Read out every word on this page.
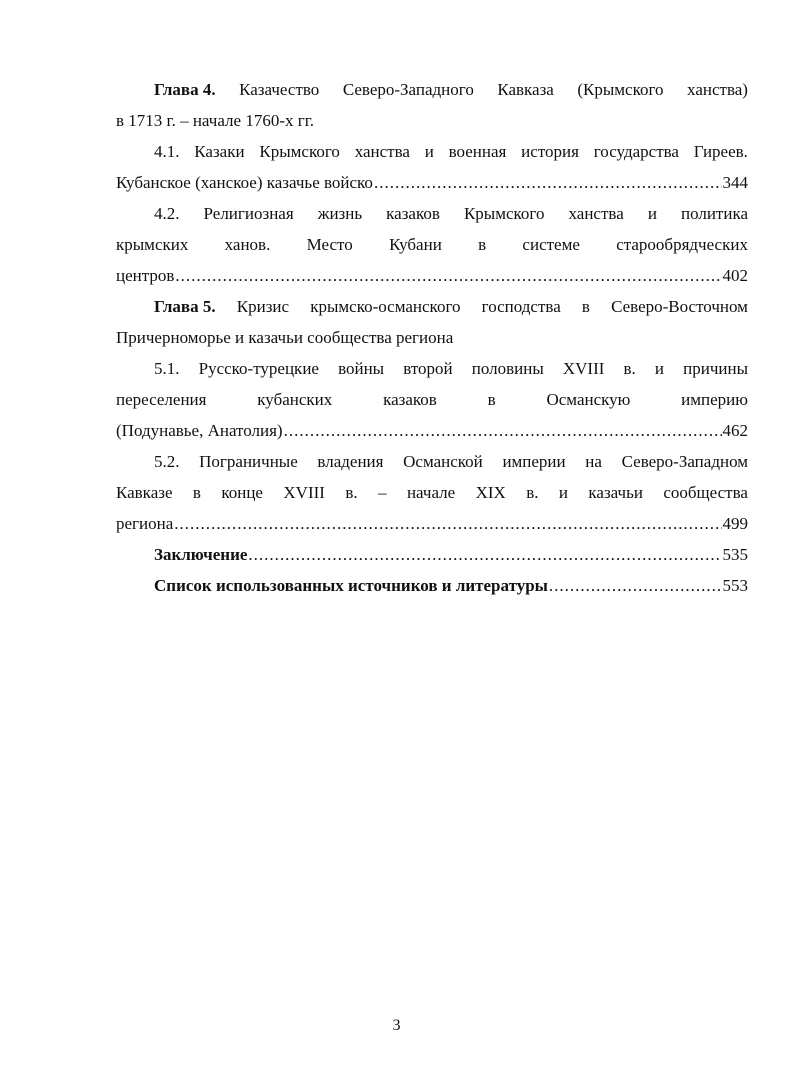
Глава 4. Казачество Северо-Западного Кавказа (Крымского ханства)
в 1713 г. – начале 1760-х гг.
4.1. Казаки Крымского ханства и военная история государства Гиреев.
Кубанское (ханское) казачье войско .....	344
4.2. Религиозная жизнь казаков Крымского ханства и политика
крымских ханов. Место Кубани в системе старообрядческих
центров .....	402
Глава 5. Кризис крымско-османского господства в Северо-Восточном
Причерноморье и казачьи сообщества региона
5.1. Русско-турецкие войны второй половины XVIII в. и причины
переселения	кубанских	казаков	в	Османскую	империю
(Подунавье, Анатолия) .....	462
5.2. Пограничные владения Османской империи на Северо-Западном
Кавказе в конце XVIII в. – начале XIX в. и казачьи сообщества
региона .....	499
Заключение .....	535
Список использованных источников и литературы .....	553
3
